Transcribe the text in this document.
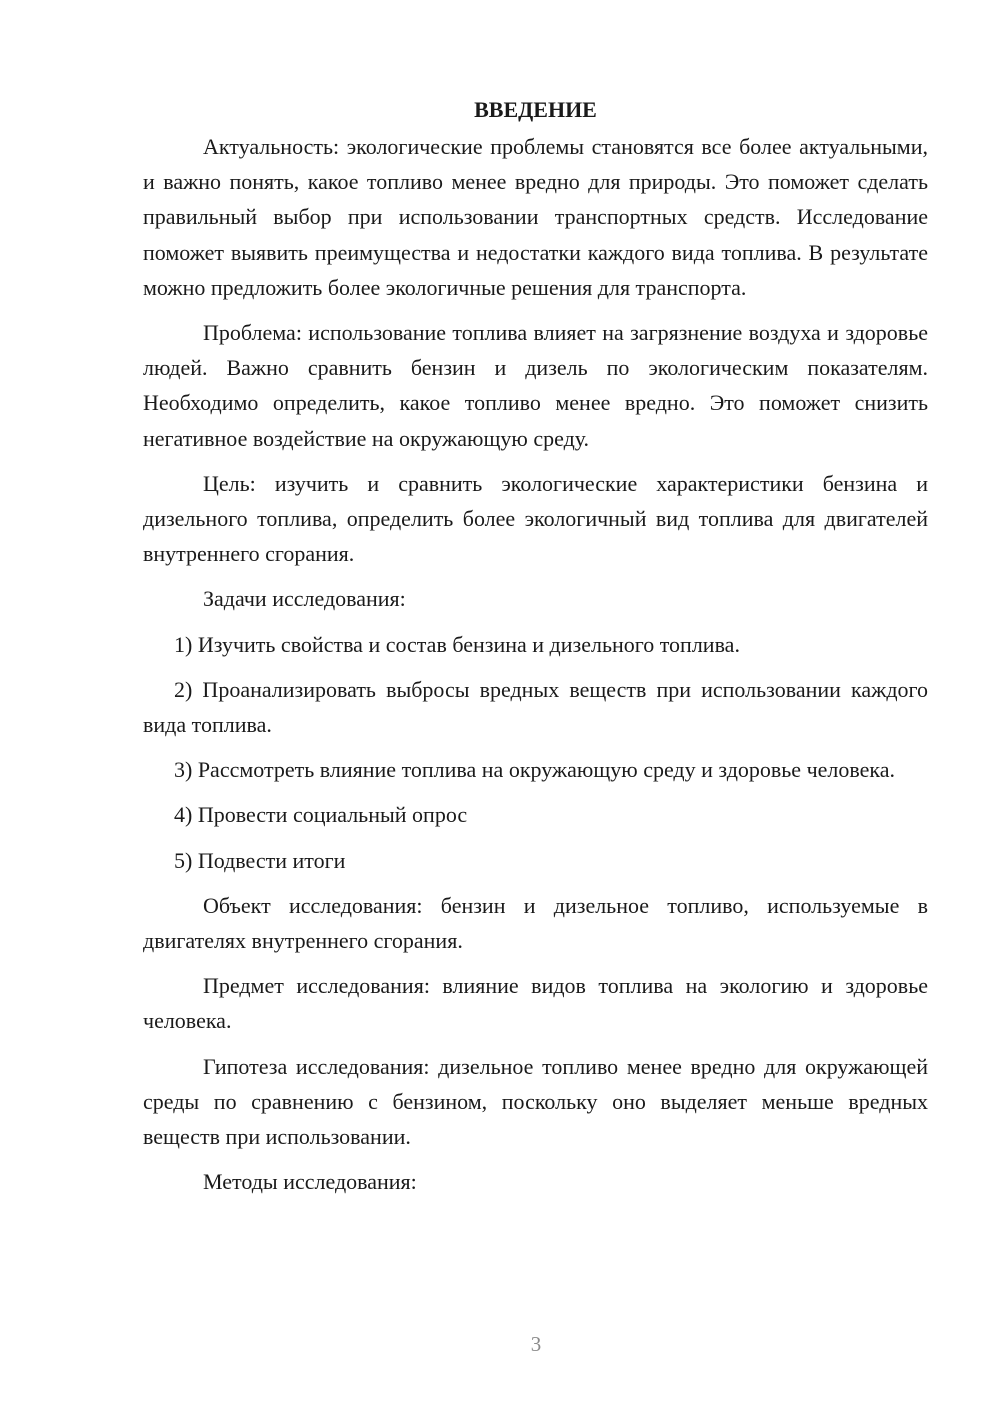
ВВЕДЕНИЕ

Актуальность: экологические проблемы становятся все более актуальными, и важно понять, какое топливо менее вредно для природы. Это поможет сделать правильный выбор при использовании транспортных средств. Исследование поможет выявить преимущества и недостатки каждого вида топлива. В результате можно предложить более экологичные решения для транспорта.

Проблема: использование топлива влияет на загрязнение воздуха и здоровье людей. Важно сравнить бензин и дизель по экологическим показателям. Необходимо определить, какое топливо менее вредно. Это поможет снизить негативное воздействие на окружающую среду.

Цель: изучить и сравнить экологические характеристики бензина и дизельного топлива, определить более экологичный вид топлива для двигателей внутреннего сгорания.

Задачи исследования:

1) Изучить свойства и состав бензина и дизельного топлива.

2) Проанализировать выбросы вредных веществ при использовании каждого вида топлива.

3) Рассмотреть влияние топлива на окружающую среду и здоровье человека.

4) Провести социальный опрос

5) Подвести итоги

Объект исследования: бензин и дизельное топливо, используемые в двигателях внутреннего сгорания.

Предмет исследования: влияние видов топлива на экологию и здоровье человека.

Гипотеза исследования: дизельное топливо менее вредно для окружающей среды по сравнению с бензином, поскольку оно выделяет меньше вредных веществ при использовании.

Методы исследования:

3
